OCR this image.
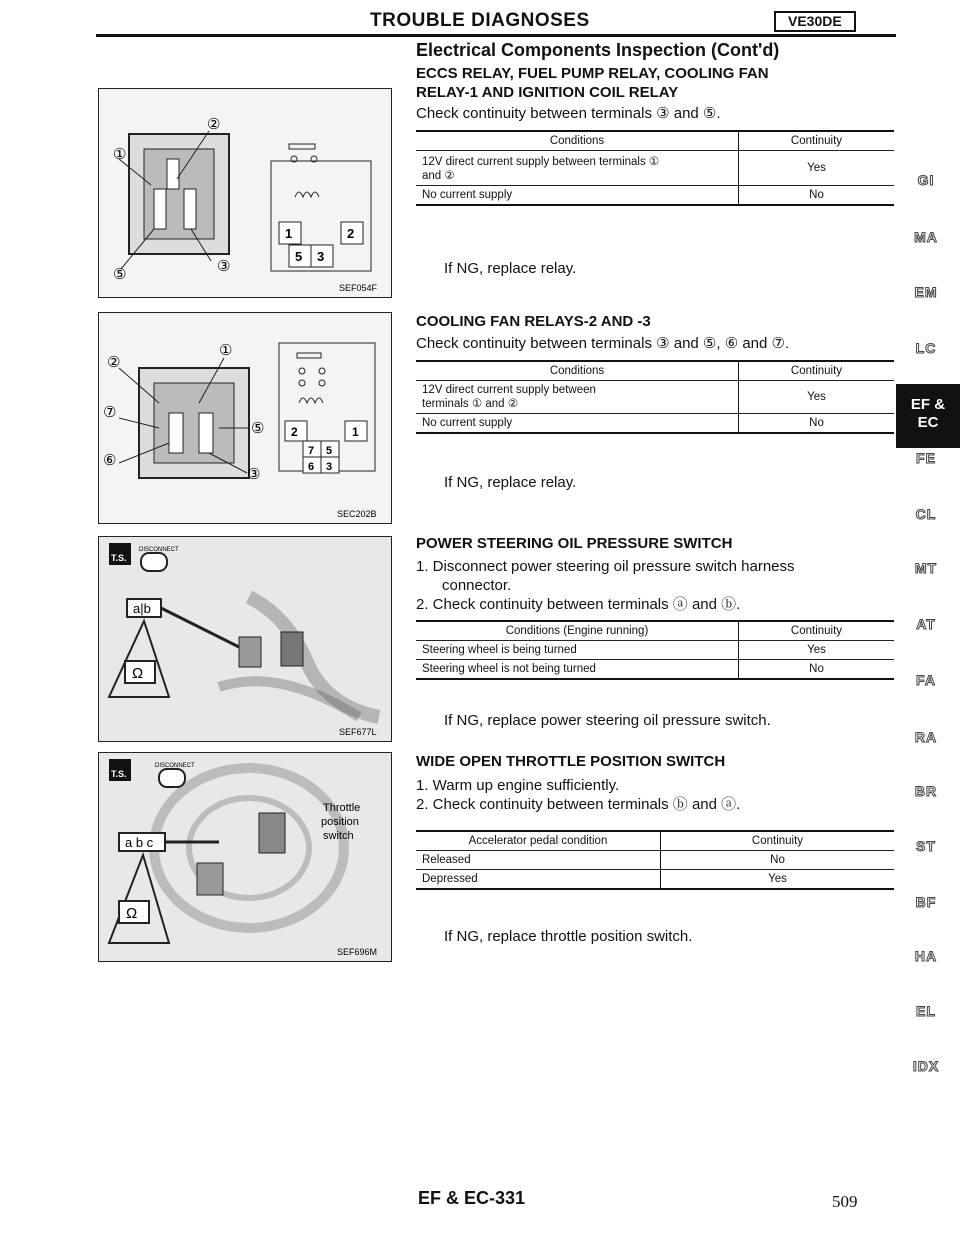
TROUBLE DIAGNOSES	VE30DE
Electrical Components Inspection (Cont'd)
①
②
③
⑤
1	2
5 3
SEF054F
①
②
⑦
⑤
⑥
③
2	1
7 5
6 3
SEC202B
T.S.
DISCONNECT
a|b
Ω
SEF677L
T.S.
DISCONNECT
a b c
Ω
Throttle
position
switch
SEF696M
ECCS RELAY, FUEL PUMP RELAY, COOLING FAN
RELAY-1 AND IGNITION COIL RELAY
Check continuity between terminals ③ and ⑤.
Conditions	Continuity

12V direct current supply between terminals ①
and ②	Yes
No current supply	No
If NG, replace relay.
COOLING FAN RELAYS-2 AND -3
Check continuity between terminals ③ and ⑤, ⑥ and ⑦.
Conditions	Continuity

12V direct current supply between
terminals ① and ②	Yes
No current supply	No
If NG, replace relay.
POWER STEERING OIL PRESSURE SWITCH
1. Disconnect power steering oil pressure switch harness
connector.
2. Check continuity between terminals ⓐ and ⓑ.
Conditions (Engine running)	Continuity
Steering wheel is being turned	Yes
Steering wheel is not being turned	No
If NG, replace power steering oil pressure switch.
WIDE OPEN THROTTLE POSITION SWITCH
1. Warm up engine sufficiently.
2. Check continuity between terminals ⓑ and ⓐ.
Accelerator pedal condition	Continuity
Released	No
Depressed	Yes
If NG, replace throttle position switch.
GI
MA
EM
LC
EF &
EC
FE
CL
MT
AT
FA
RA
BR
ST
BF
HA
EL
IDX
EF & EC-331	509
